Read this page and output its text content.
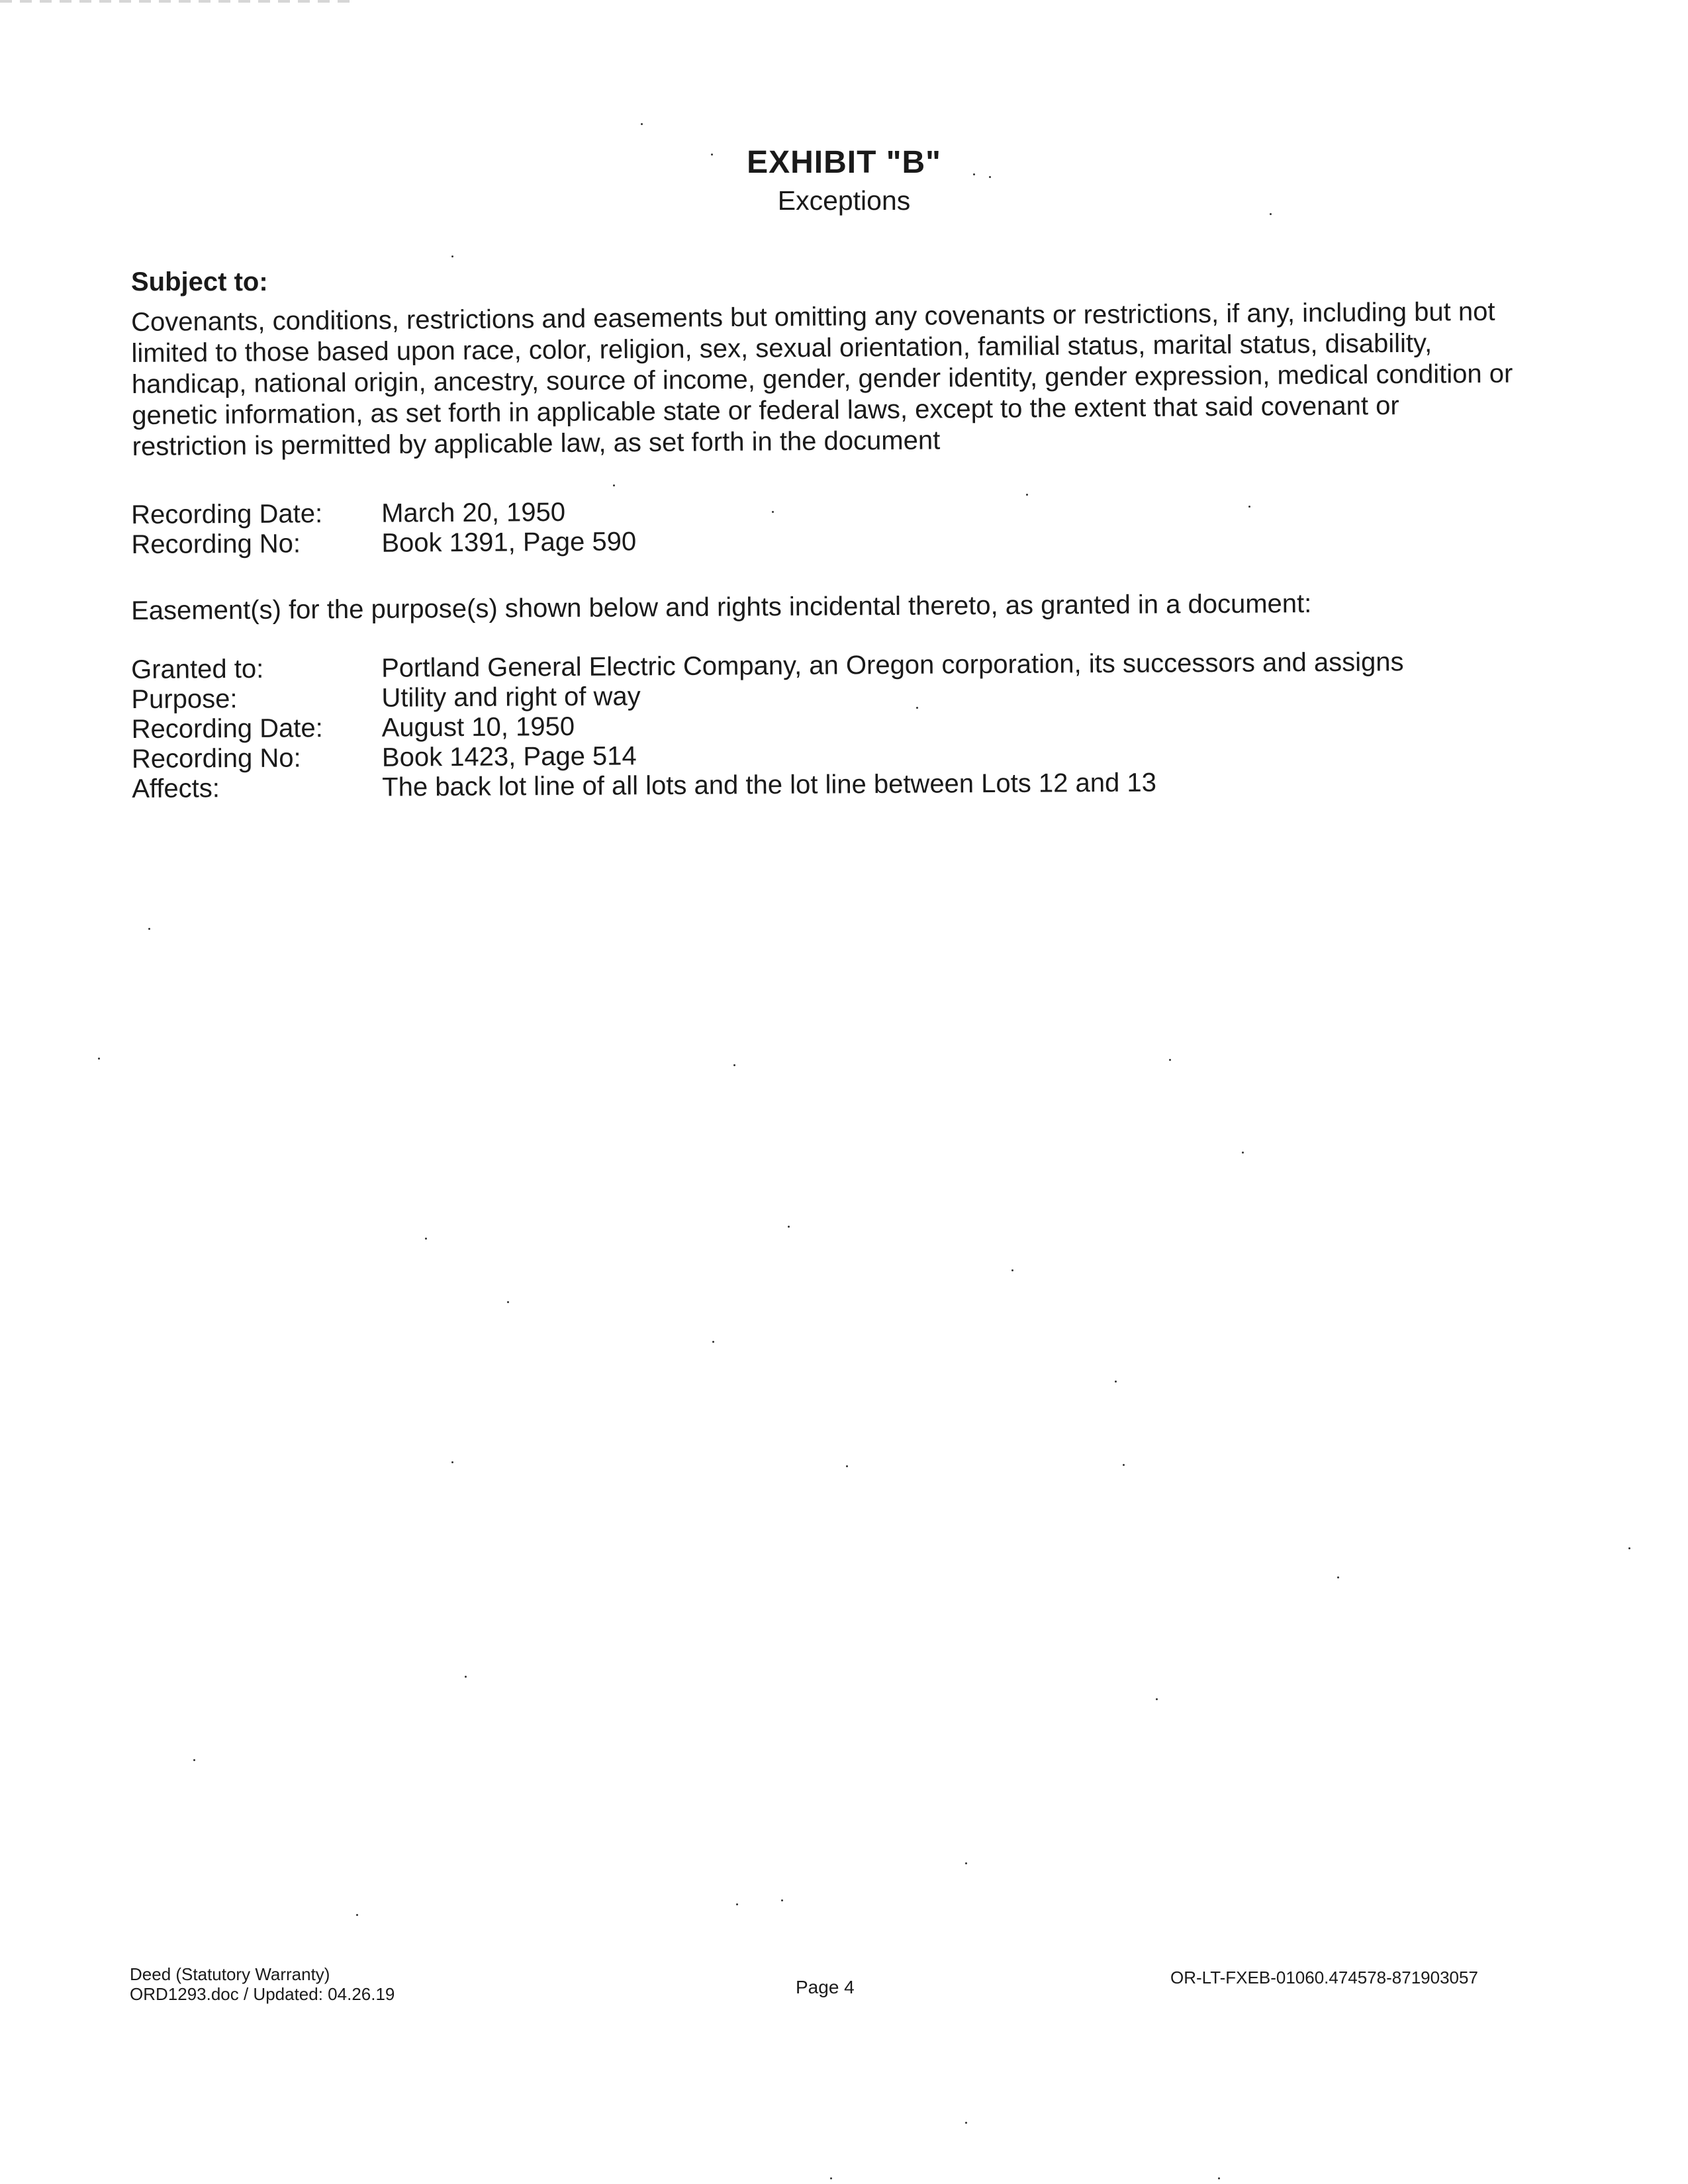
EXHIBIT "B"
Exceptions
Subject to:
Covenants, conditions, restrictions and easements but omitting any covenants or restrictions, if any, including but not limited to those based upon race, color, religion, sex, sexual orientation, familial status, marital status, disability, handicap, national origin, ancestry, source of income, gender, gender identity, gender expression, medical condition or genetic information, as set forth in applicable state or federal laws, except to the extent that said covenant or restriction is permitted by applicable law, as set forth in the document
Recording Date:	March 20, 1950
Recording No:	Book 1391, Page 590
Easement(s) for the purpose(s) shown below and rights incidental thereto, as granted in a document:
Granted to:	Portland General Electric Company, an Oregon corporation, its successors and assigns
Purpose:	Utility and right of way
Recording Date:	August 10, 1950
Recording No:	Book 1423, Page 514
Affects:	The back lot line of all lots and the lot line between Lots 12 and 13
Deed (Statutory Warranty)
ORD1293.doc / Updated: 04.26.19	Page 4	OR-LT-FXEB-01060.474578-871903057
